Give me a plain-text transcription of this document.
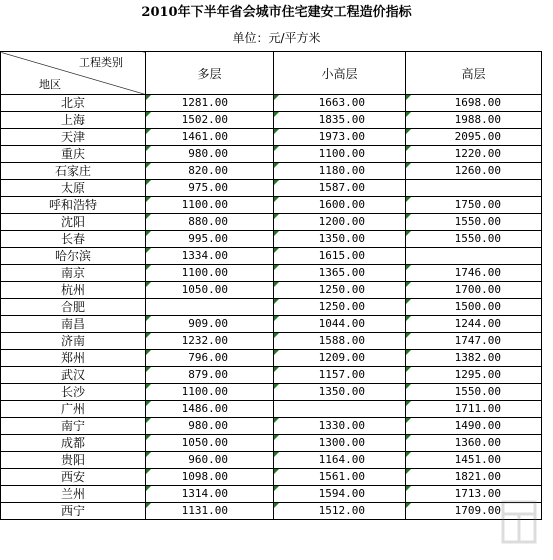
2010年下半年省会城市住宅建安工程造价指标
单位：元/平方米
工程类别
地区	多层	小高层	高层
北京	1281.00	1663.00	1698.00
上海	1502.00	1835.00	1988.00
天津	1461.00	1973.00	2095.00
重庆	980.00	1100.00	1220.00
石家庄	820.00	1180.00	1260.00
太原	975.00	1587.00	
呼和浩特	1100.00	1600.00	1750.00
沈阳	880.00	1200.00	1550.00
长春	995.00	1350.00	1550.00
哈尔滨	1334.00	1615.00	
南京	1100.00	1365.00	1746.00
杭州	1050.00	1250.00	1700.00
合肥		1250.00	1500.00
南昌	909.00	1044.00	1244.00
济南	1232.00	1588.00	1747.00
郑州	796.00	1209.00	1382.00
武汉	879.00	1157.00	1295.00
长沙	1100.00	1350.00	1550.00
广州	1486.00		1711.00
南宁	980.00	1330.00	1490.00
成都	1050.00	1300.00	1360.00
贵阳	960.00	1164.00	1451.00
西安	1098.00	1561.00	1821.00
兰州	1314.00	1594.00	1713.00
西宁	1131.00	1512.00	1709.00
